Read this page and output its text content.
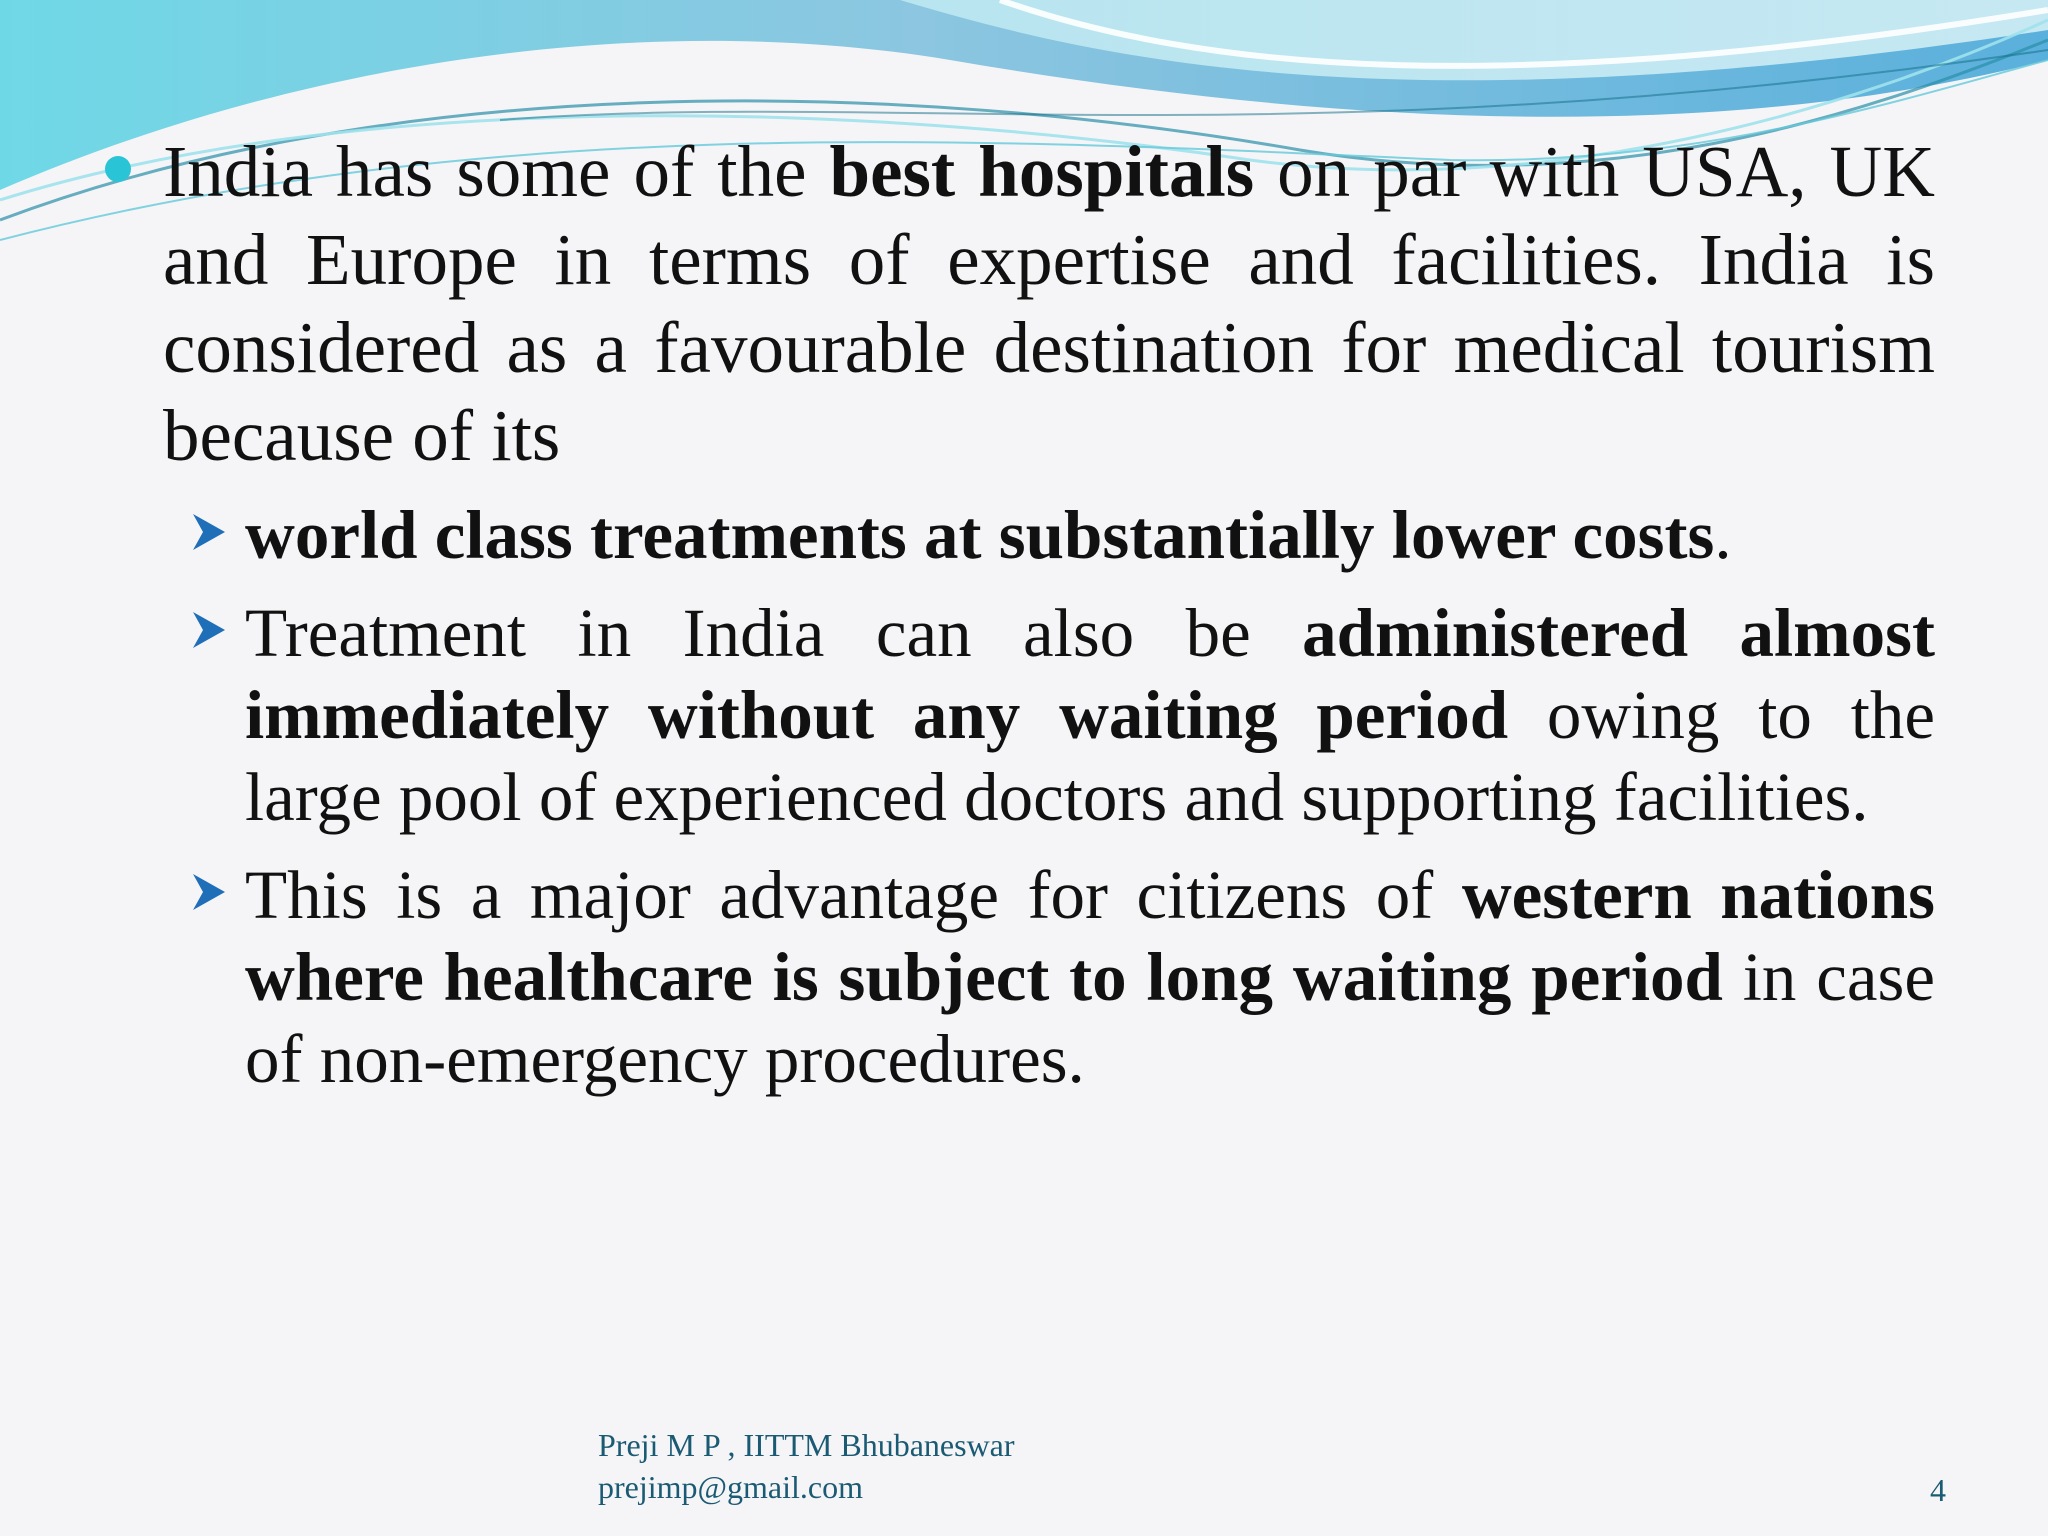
India has some of the best hospitals on par with USA, UK and Europe in terms of expertise and facilities. India is considered as a favourable destination for medical tourism because of its
world class treatments at substantially lower costs.
Treatment in India can also be administered almost immediately without any waiting period owing to the large pool of experienced doctors and supporting facilities.
This is a major advantage for citizens of western nations where healthcare is subject to long waiting period in case of non-emergency procedures.
Preji M P , IITTM Bhubaneswar
prejimp@gmail.com	4
